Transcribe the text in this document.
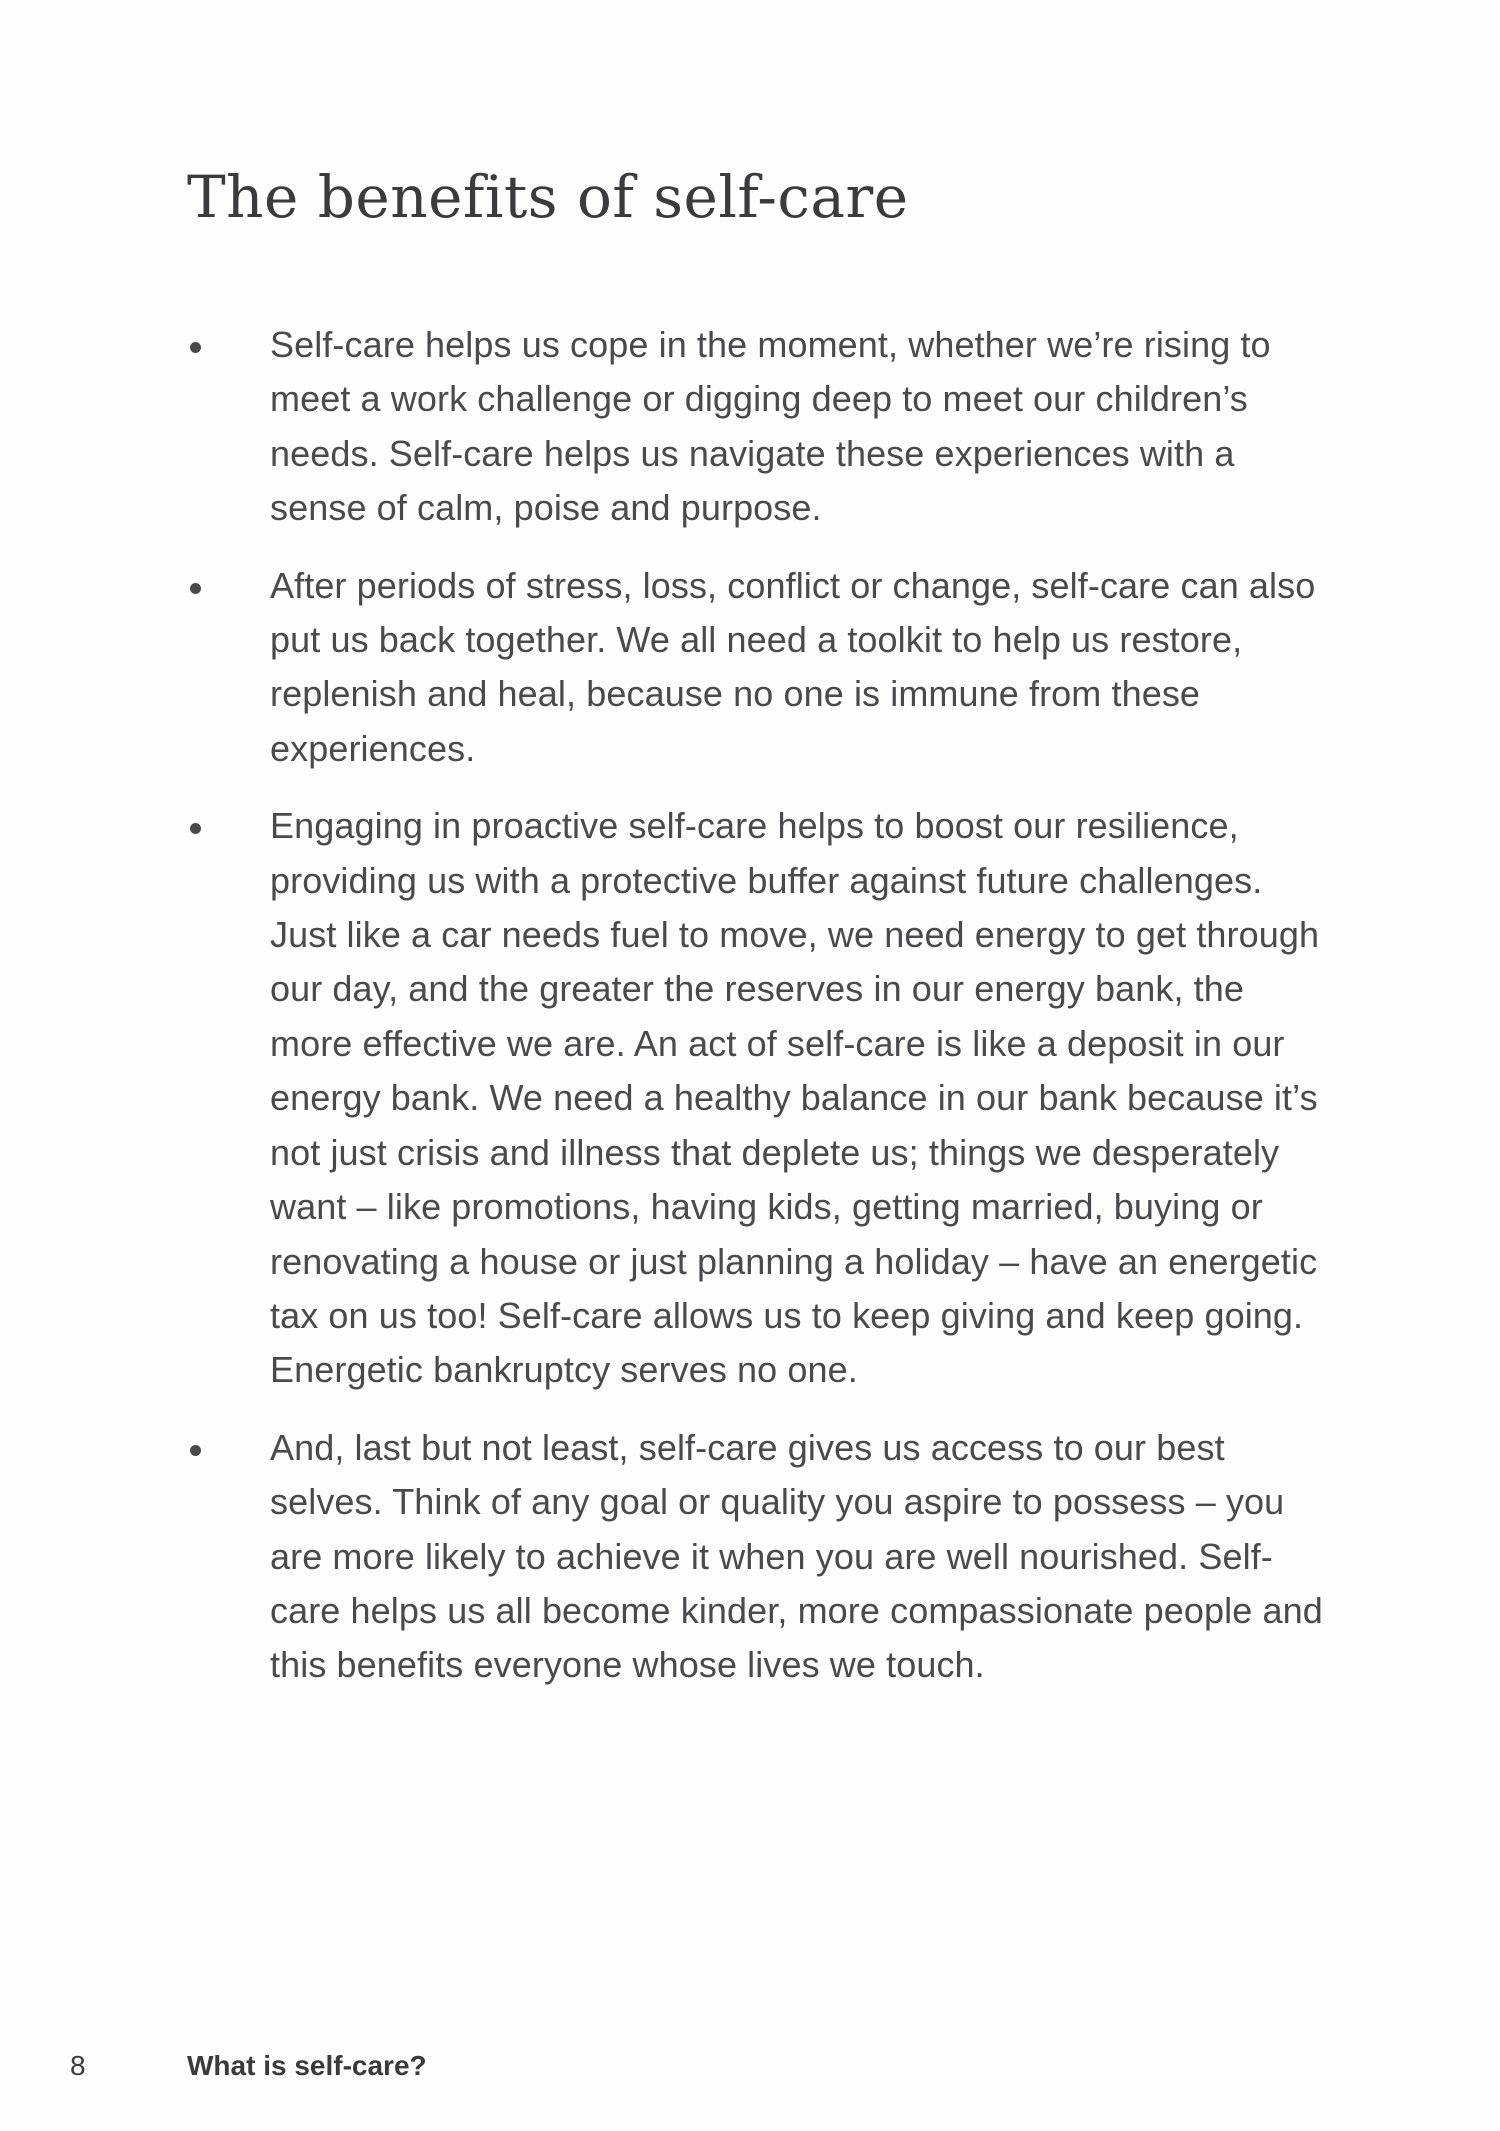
The benefits of self-care
Self-care helps us cope in the moment, whether we’re rising to meet a work challenge or digging deep to meet our children’s needs. Self-care helps us navigate these experiences with a sense of calm, poise and purpose.
After periods of stress, loss, conflict or change, self-care can also put us back together. We all need a toolkit to help us restore, replenish and heal, because no one is immune from these experiences.
Engaging in proactive self-care helps to boost our resilience, providing us with a protective buffer against future challenges. Just like a car needs fuel to move, we need energy to get through our day, and the greater the reserves in our energy bank, the more effective we are. An act of self-care is like a deposit in our energy bank. We need a healthy balance in our bank because it’s not just crisis and illness that deplete us; things we desperately want – like promotions, having kids, getting married, buying or renovating a house or just planning a holiday – have an energetic tax on us too! Self-care allows us to keep giving and keep going. Energetic bankruptcy serves no one.
And, last but not least, self-care gives us access to our best selves. Think of any goal or quality you aspire to possess – you are more likely to achieve it when you are well nourished. Self-care helps us all become kinder, more compassionate people and this benefits everyone whose lives we touch.
8	What is self-care?
